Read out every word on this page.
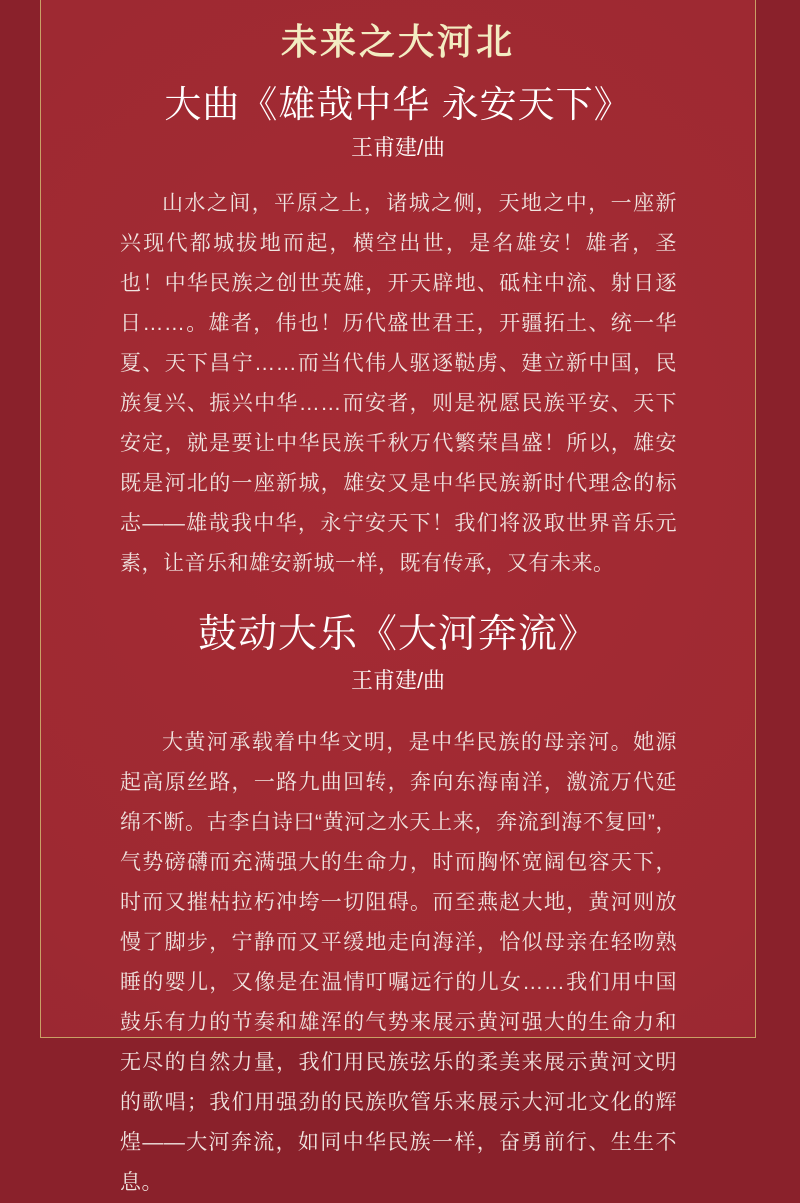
未来之大河北
大曲《雄哉中华 永安天下》
王甫建/曲

山水之间，平原之上，诸城之侧，天地之中，一座新兴现代都城拔地而起，横空出世，是名雄安！雄者，圣也！中华民族之创世英雄，开天辟地、砥柱中流、射日逐日……。雄者，伟也！历代盛世君王，开疆拓土、统一华夏、天下昌宁……而当代伟人驱逐鞑虏、建立新中国，民族复兴、振兴中华……而安者，则是祝愿民族平安、天下安定，就是要让中华民族千秋万代繁荣昌盛！所以，雄安既是河北的一座新城，雄安又是中华民族新时代理念的标志——雄哉我中华，永宁安天下！我们将汲取世界音乐元素，让音乐和雄安新城一样，既有传承，又有未来。

鼓动大乐《大河奔流》
王甫建/曲

大黄河承载着中华文明，是中华民族的母亲河。她源起高原丝路，一路九曲回转，奔向东海南洋，激流万代延绵不断。古李白诗曰“黄河之水天上来，奔流到海不复回”，气势磅礴而充满强大的生命力，时而胸怀宽阔包容天下，时而又摧枯拉朽冲垮一切阻碍。而至燕赵大地，黄河则放慢了脚步，宁静而又平缓地走向海洋，恰似母亲在轻吻熟睡的婴儿，又像是在温情叮嘱远行的儿女……我们用中国鼓乐有力的节奏和雄浑的气势来展示黄河强大的生命力和无尽的自然力量，我们用民族弦乐的柔美来展示黄河文明的歌唱；我们用强劲的民族吹管乐来展示大河北文化的辉煌——大河奔流，如同中华民族一样，奋勇前行、生生不息。
